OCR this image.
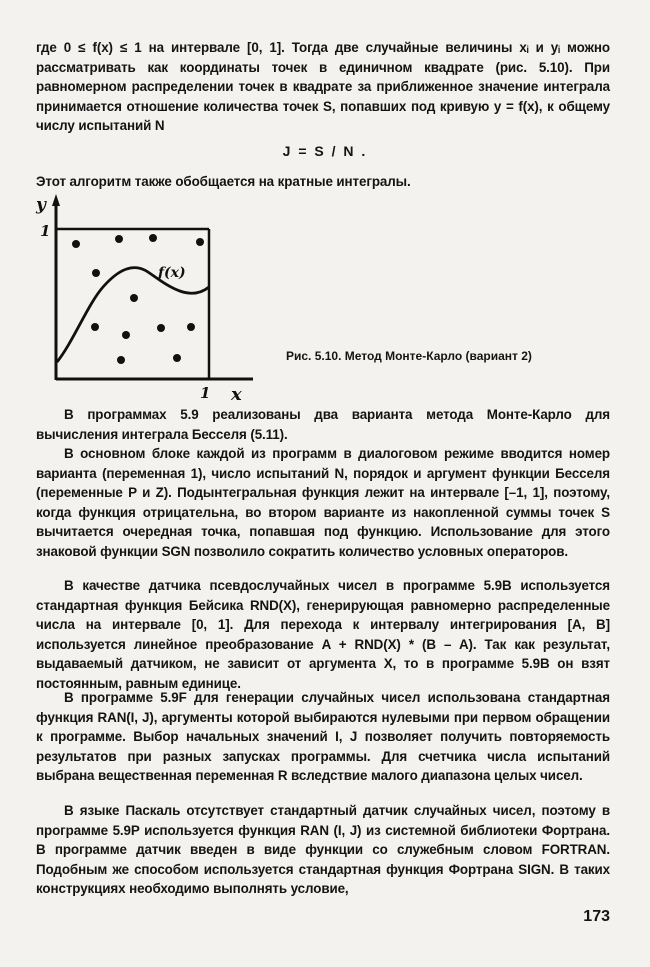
где 0 ≤ f(x) ≤ 1 на интервале [0, 1]. Тогда две случайные величины xᵢ и yᵢ можно рассматривать как координаты точек в единичном квадрате (рис. 5.10). При равномерном распределении точек в квадрате за приближенное значение интеграла принимается отношение количества точек S, попавших под кривую y = f(x), к общему числу испытаний N
J = S / N .
Этот алгоритм также обобщается на кратные интегралы.
y
1
1 x
f(x)
Рис. 5.10. Метод Монте-Карло (вариант 2)
В программах 5.9 реализованы два варианта метода Монте-Карло для вычисления интеграла Бесселя (5.11).
В основном блоке каждой из программ в диалоговом режиме вводится номер варианта (переменная 1), число испытаний N, порядок и аргумент функции Бесселя (переменные P и Z). Подынтегральная функция лежит на интервале [–1, 1], поэтому, когда функция отрицательна, во втором варианте из накопленной суммы точек S вычитается очередная точка, попавшая под функцию. Использование для этого знаковой функции SGN позволило сократить количество условных операторов.
В качестве датчика псевдослучайных чисел в программе 5.9B используется стандартная функция Бейсика RND(X), генерирующая равномерно распределенные числа на интервале [0, 1]. Для перехода к интервалу интегрирования [A, B] используется линейное преобразование A + RND(X) * (B – A). Так как результат, выдаваемый датчиком, не зависит от аргумента X, то в программе 5.9B он взят постоянным, равным единице.
В программе 5.9F для генерации случайных чисел использована стандартная функция RAN(I, J), аргументы которой выбираются нулевыми при первом обращении к программе. Выбор начальных значений I, J позволяет получить повторяемость результатов при разных запусках программы. Для счетчика числа испытаний выбрана вещественная переменная R вследствие малого диапазона целых чисел.
В языке Паскаль отсутствует стандартный датчик случайных чисел, поэтому в программе 5.9P используется функция RAN (I, J) из системной библиотеки Фортрана. В программе датчик введен в виде функции со служебным словом FORTRAN. Подобным же способом используется стандартная функция Фортрана SIGN. В таких конструкциях необходимо выполнять условие,
173
